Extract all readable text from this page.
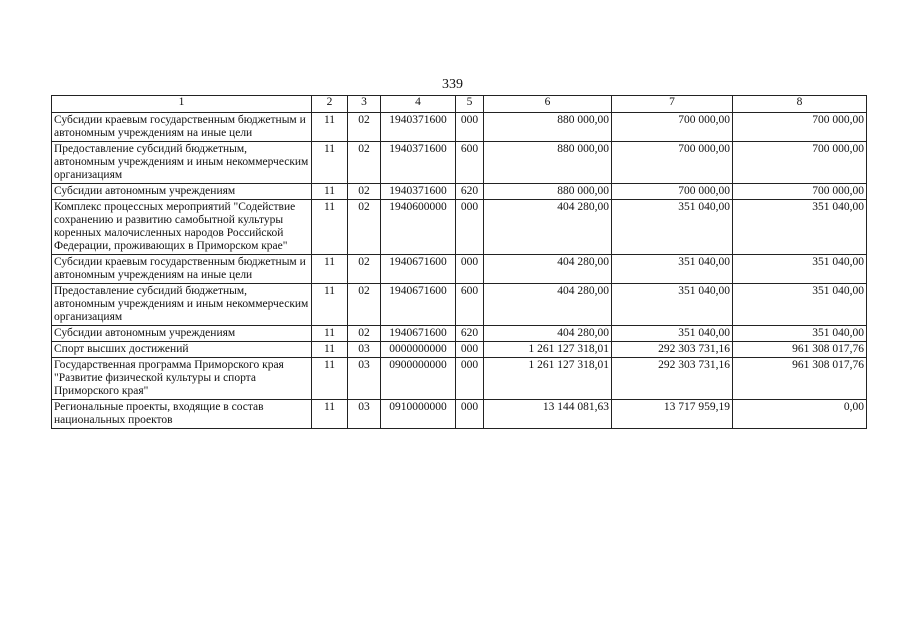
339
1	2	3	4	5	6	7	8
Субсидии краевым государственным бюджетным и автономным учреждениям на иные цели	11	02	1940371600	000	880 000,00	700 000,00	700 000,00
Предоставление субсидий бюджетным, автономным учреждениям и иным некоммерческим организациям	11	02	1940371600	600	880 000,00	700 000,00	700 000,00
Субсидии автономным учреждениям	11	02	1940371600	620	880 000,00	700 000,00	700 000,00
Комплекс процессных мероприятий "Содействие сохранению и развитию самобытной культуры коренных малочисленных народов Российской Федерации, проживающих в Приморском крае"	11	02	1940600000	000	404 280,00	351 040,00	351 040,00
Субсидии краевым государственным бюджетным и автономным учреждениям на иные цели	11	02	1940671600	000	404 280,00	351 040,00	351 040,00
Предоставление субсидий бюджетным, автономным учреждениям и иным некоммерческим организациям	11	02	1940671600	600	404 280,00	351 040,00	351 040,00
Субсидии автономным учреждениям	11	02	1940671600	620	404 280,00	351 040,00	351 040,00
Спорт высших достижений	11	03	0000000000	000	1 261 127 318,01	292 303 731,16	961 308 017,76
Государственная программа Приморского края "Развитие физической культуры и спорта Приморского края"	11	03	0900000000	000	1 261 127 318,01	292 303 731,16	961 308 017,76
Региональные проекты, входящие в состав национальных проектов	11	03	0910000000	000	13 144 081,63	13 717 959,19	0,00
